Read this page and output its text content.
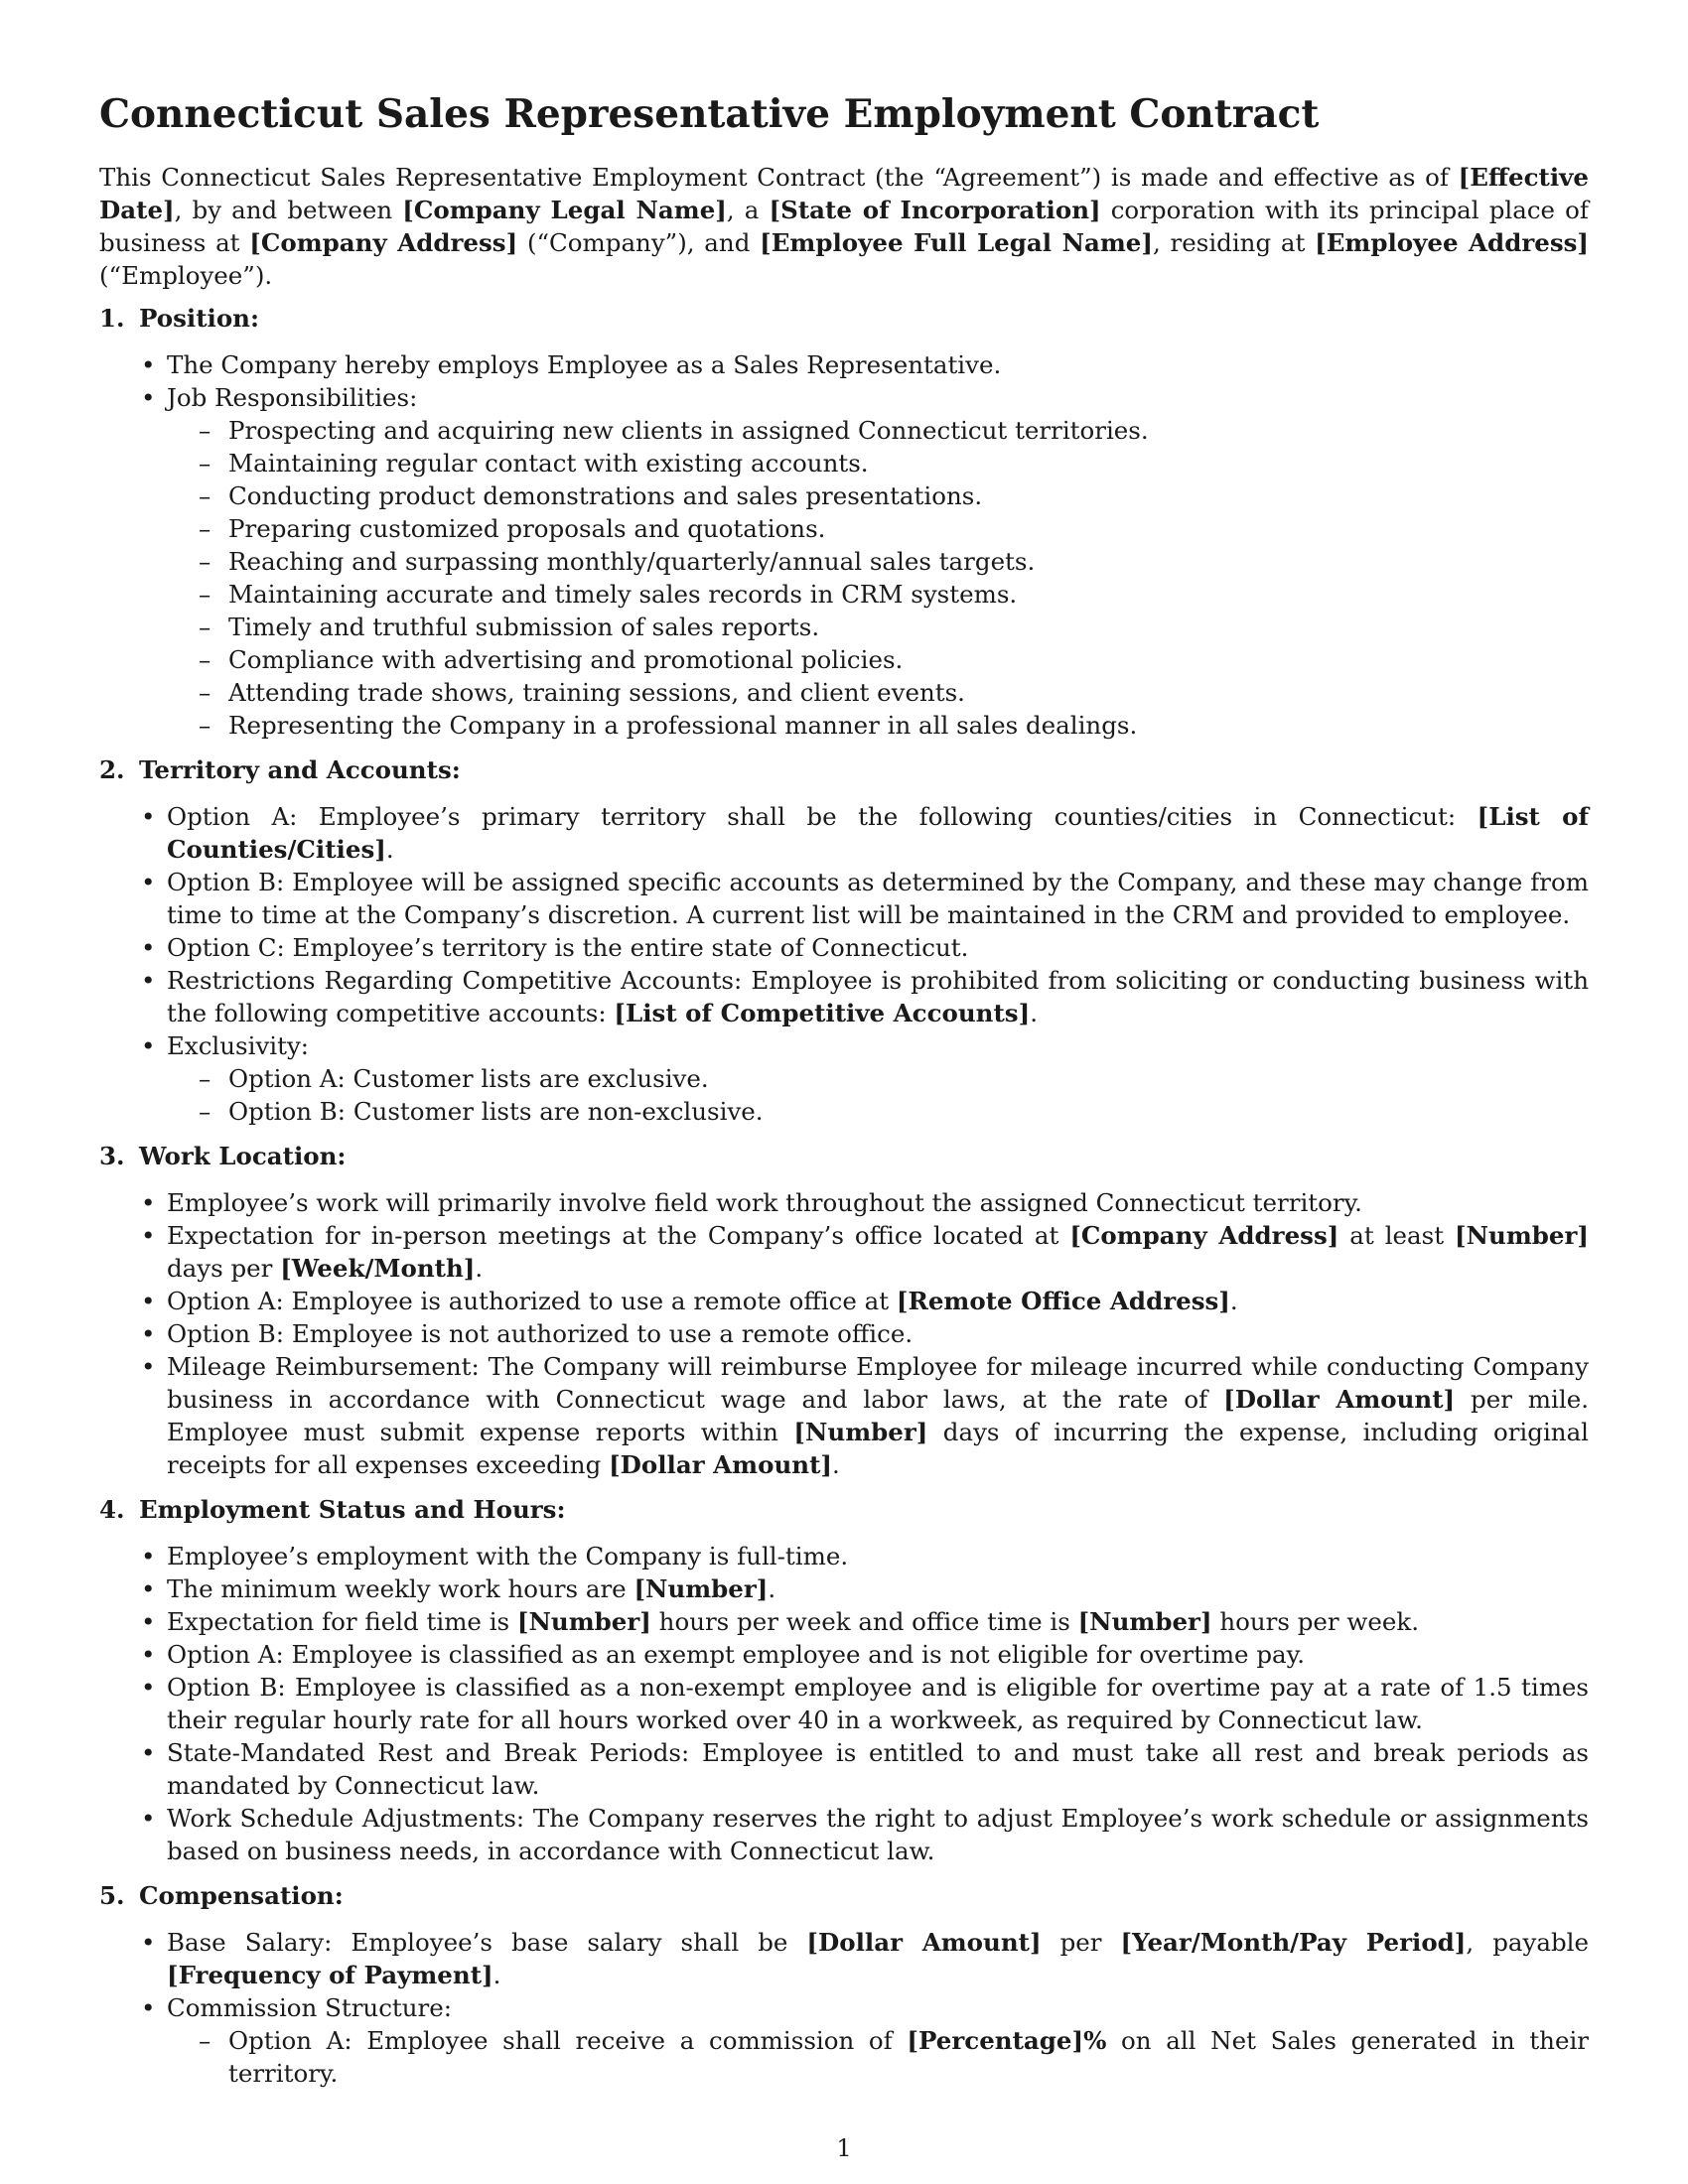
Connecticut Sales Representative Employment Contract

This Connecticut Sales Representative Employment Contract (the “Agreement”) is made and effective as of [Effective Date], by and between [Company Legal Name], a [State of Incorporation] corporation with its principal place of business at [Company Address] (“Company”), and [Employee Full Legal Name], residing at [Employee Address] (“Employee”).

1. Position:
• The Company hereby employs Employee as a Sales Representative.
• Job Responsibilities:
– Prospecting and acquiring new clients in assigned Connecticut territories.
– Maintaining regular contact with existing accounts.
– Conducting product demonstrations and sales presentations.
– Preparing customized proposals and quotations.
– Reaching and surpassing monthly/quarterly/annual sales targets.
– Maintaining accurate and timely sales records in CRM systems.
– Timely and truthful submission of sales reports.
– Compliance with advertising and promotional policies.
– Attending trade shows, training sessions, and client events.
– Representing the Company in a professional manner in all sales dealings.
2. Territory and Accounts:
• Option A: Employee’s primary territory shall be the following counties/cities in Connecticut: [List of Counties/Cities].
• Option B: Employee will be assigned specific accounts as determined by the Company, and these may change from time to time at the Company’s discretion. A current list will be maintained in the CRM and provided to employee.
• Option C: Employee’s territory is the entire state of Connecticut.
• Restrictions Regarding Competitive Accounts: Employee is prohibited from soliciting or conducting business with the following competitive accounts: [List of Competitive Accounts].
• Exclusivity:
– Option A: Customer lists are exclusive.
– Option B: Customer lists are non-exclusive.
3. Work Location:
• Employee’s work will primarily involve field work throughout the assigned Connecticut territory.
• Expectation for in-person meetings at the Company’s office located at [Company Address] at least [Number] days per [Week/Month].
• Option A: Employee is authorized to use a remote office at [Remote Office Address].
• Option B: Employee is not authorized to use a remote office.
• Mileage Reimbursement: The Company will reimburse Employee for mileage incurred while conducting Company business in accordance with Connecticut wage and labor laws, at the rate of [Dollar Amount] per mile. Employee must submit expense reports within [Number] days of incurring the expense, including original receipts for all expenses exceeding [Dollar Amount].
4. Employment Status and Hours:
• Employee’s employment with the Company is full-time.
• The minimum weekly work hours are [Number].
• Expectation for field time is [Number] hours per week and office time is [Number] hours per week.
• Option A: Employee is classified as an exempt employee and is not eligible for overtime pay.
• Option B: Employee is classified as a non-exempt employee and is eligible for overtime pay at a rate of 1.5 times their regular hourly rate for all hours worked over 40 in a workweek, as required by Connecticut law.
• State-Mandated Rest and Break Periods: Employee is entitled to and must take all rest and break periods as mandated by Connecticut law.
• Work Schedule Adjustments: The Company reserves the right to adjust Employee’s work schedule or assignments based on business needs, in accordance with Connecticut law.
5. Compensation:
• Base Salary: Employee’s base salary shall be [Dollar Amount] per [Year/Month/Pay Period], payable [Frequency of Payment].
• Commission Structure:
– Option A: Employee shall receive a commission of [Percentage]% on all Net Sales generated in their territory.
1
